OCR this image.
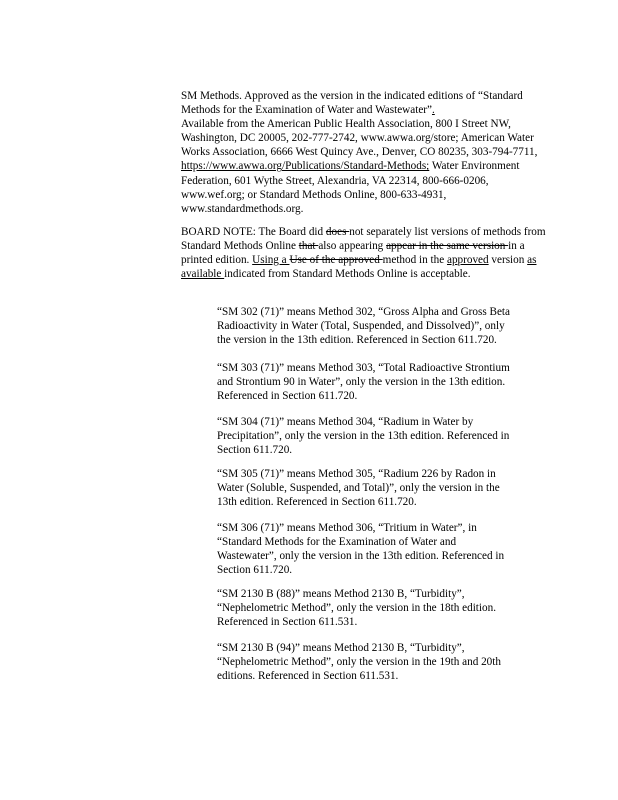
SM Methods. Approved as the version in the indicated editions of “Standard Methods for the Examination of Water and Wastewater”.
Available from the American Public Health Association, 800 I Street NW, Washington, DC 20005, 202-777-2742, www.awwa.org/store; American Water Works Association, 6666 West Quincy Ave., Denver, CO 80235, 303-794-7711, https://www.awwa.org/Publications/Standard-Methods; Water Environment Federation, 601 Wythe Street, Alexandria, VA 22314, 800-666-0206, www.wef.org; or Standard Methods Online, 800-633-4931, www.standardmethods.org.

BOARD NOTE: The Board did does not separately list versions of methods from Standard Methods Online that also appearing appear in the same version in a printed edition. Using a Use of the approved method in the approved version as available indicated from Standard Methods Online is acceptable.

“SM 302 (71)” means Method 302, “Gross Alpha and Gross Beta
Radioactivity in Water (Total, Suspended, and Dissolved)”, only
the version in the 13th edition. Referenced in Section 611.720.

“SM 303 (71)” means Method 303, “Total Radioactive Strontium
and Strontium 90 in Water”, only the version in the 13th edition.
Referenced in Section 611.720.

“SM 304 (71)” means Method 304, “Radium in Water by
Precipitation”, only the version in the 13th edition. Referenced in
Section 611.720.

“SM 305 (71)” means Method 305, “Radium 226 by Radon in
Water (Soluble, Suspended, and Total)”, only the version in the
13th edition. Referenced in Section 611.720.

“SM 306 (71)” means Method 306, “Tritium in Water”, in
“Standard Methods for the Examination of Water and
Wastewater”, only the version in the 13th edition. Referenced in
Section 611.720.

“SM 2130 B (88)” means Method 2130 B, “Turbidity”,
“Nephelometric Method”, only the version in the 18th edition.
Referenced in Section 611.531.

“SM 2130 B (94)” means Method 2130 B, “Turbidity”,
“Nephelometric Method”, only the version in the 19th and 20th
editions. Referenced in Section 611.531.
